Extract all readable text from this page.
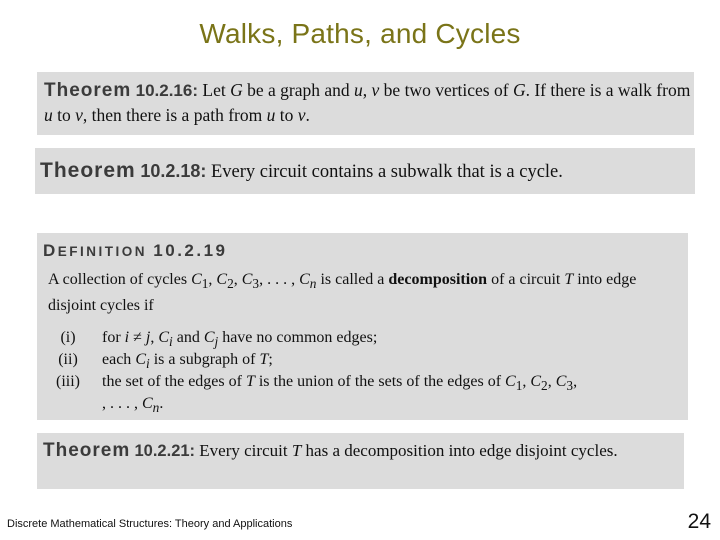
Walks, Paths, and Cycles
Theorem 10.2.16: Let G be a graph and u, v be two vertices of G. If there is a walk from u to v, then there is a path from u to v.
Theorem 10.2.18: Every circuit contains a subwalk that is a cycle.
DEFINITION 10.2.19
A collection of cycles $C_1$, $C_2$, $C_3$, . . . , $C_n$ is called a decomposition of a circuit T into edge disjoint cycles if
(i)	for i ≠ j, $C_i$ and $C_j$ have no common edges;
(ii)	each $C_i$ is a subgraph of T;
(iii)	the set of the edges of T is the union of the sets of the edges of $C_1$, $C_2$, $C_3$,
, . . . , $C_n$.
Theorem 10.2.21: Every circuit T has a decomposition into edge disjoint cycles.
Discrete Mathematical Structures: Theory and Applications	24
